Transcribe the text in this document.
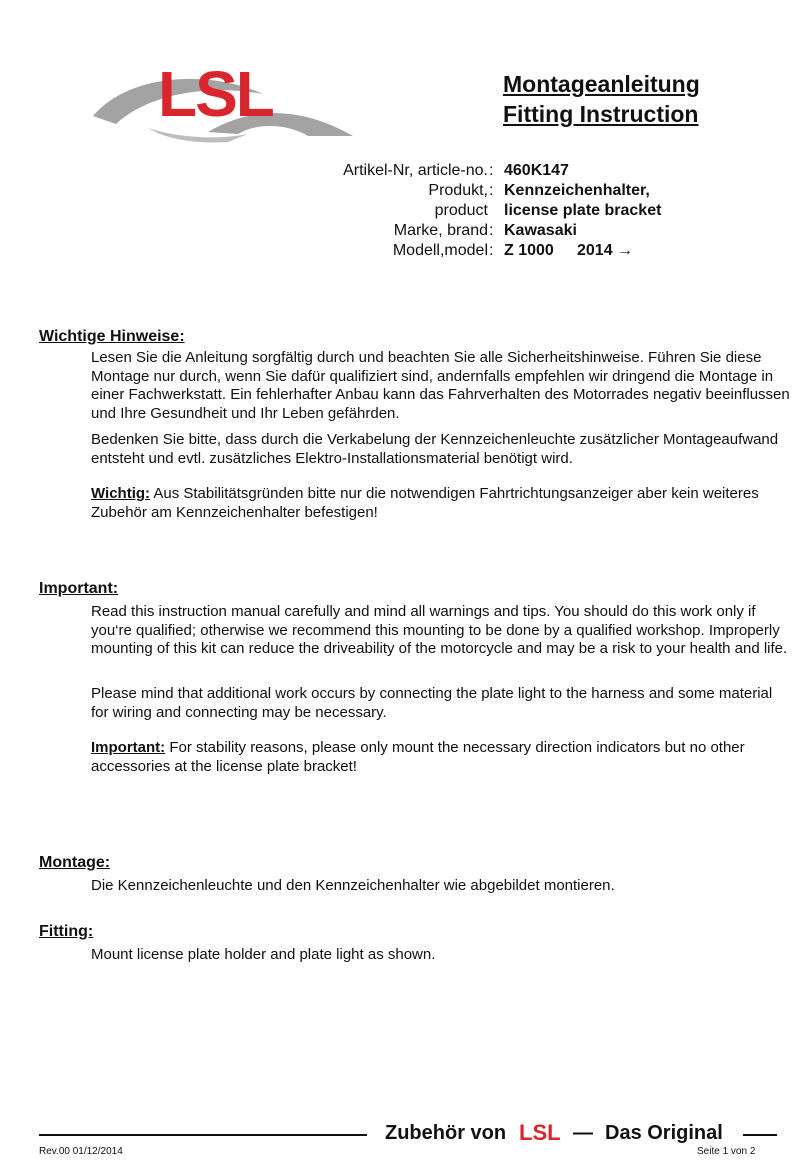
LSL	Montageanleitung
Fitting Instruction
Artikel-Nr, article-no. : 460K147
Produkt, : Kennzeichenhalter,
product license plate bracket
Marke, brand : Kawasaki
Modell,model : Z 1000 2014 →
Wichtige Hinweise:
Lesen Sie die Anleitung sorgfältig durch und beachten Sie alle Sicherheitshinweise. Führen Sie diese Montage nur durch, wenn Sie dafür qualifiziert sind, andernfalls empfehlen wir dringend die Montage in einer Fachwerkstatt. Ein fehlerhafter Anbau kann das Fahrverhalten des Motorrades negativ beeinflussen und Ihre Gesundheit und Ihr Leben gefährden.
Bedenken Sie bitte, dass durch die Verkabelung der Kennzeichenleuchte zusätzlicher Montageaufwand entsteht und evtl. zusätzliches Elektro-Installationsmaterial benötigt wird.
Wichtig: Aus Stabilitätsgründen bitte nur die notwendigen Fahrtrichtungsanzeiger aber kein weiteres Zubehör am Kennzeichenhalter befestigen!
Important:
Read this instruction manual carefully and mind all warnings and tips. You should do this work only if you‘re qualified; otherwise we recommend this mounting to be done by a qualified workshop. Improperly mounting of this kit can reduce the driveability of the motorcycle and may be a risk to your health and life.
Please mind that additional work occurs by connecting the plate light to the harness and some material for wiring and connecting may be necessary.
Important: For stability reasons, please only mount the necessary direction indicators but no other accessories at the license plate bracket!
Montage:
Die Kennzeichenleuchte und den Kennzeichenhalter wie abgebildet montieren.
Fitting:
Mount license plate holder and plate light as shown.
Zubehör von LSL — Das Original
Rev.00 01/12/2014	Seite 1 von 2
